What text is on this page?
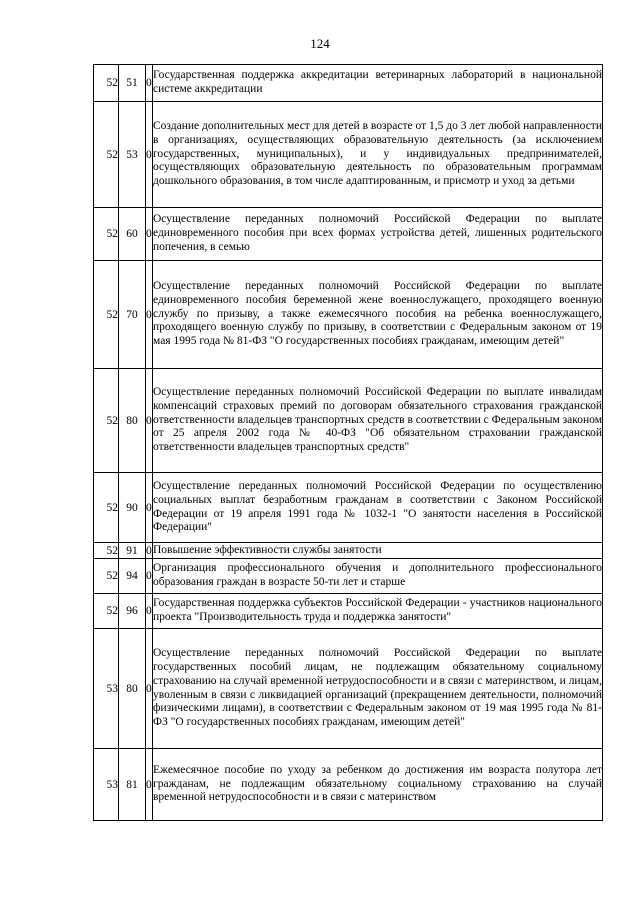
124
52	51	0	Государственная поддержка аккредитации ветеринарных лабораторий в национальной системе аккредитации
52	53	0	Создание дополнительных мест для детей в возрасте от 1,5 до 3 лет любой направленности в организациях, осуществляющих образовательную деятельность (за исключением государственных, муниципальных), и у индивидуальных предпринимателей, осуществляющих образовательную деятельность по образовательным программам дошкольного образования, в том числе адаптированным, и присмотр и уход за детьми
52	60	0	Осуществление переданных полномочий Российской Федерации по выплате единовременного пособия при всех формах устройства детей, лишенных родительского попечения, в семью
52	70	0	Осуществление переданных полномочий Российской Федерации по выплате единовременного пособия беременной жене военнослужащего, проходящего военную службу по призыву, а также ежемесячного пособия на ребенка военнослужащего, проходящего военную службу по призыву, в соответствии с Федеральным законом от 19 мая 1995 года № 81-ФЗ "О государственных пособиях гражданам, имеющим детей"
52	80	0	Осуществление переданных полномочий Российской Федерации по выплате инвалидам компенсаций страховых премий по договорам обязательного страхования гражданской ответственности владельцев транспортных средств в соответствии с Федеральным законом от 25 апреля 2002 года № 40-ФЗ "Об обязательном страховании гражданской ответственности владельцев транспортных средств"
52	90	0	Осуществление переданных полномочий Российской Федерации по осуществлению социальных выплат безработным гражданам в соответствии с Законом Российской Федерации от 19 апреля 1991 года № 1032-1 "О занятости населения в Российской Федерации"
52	91	0	Повышение эффективности службы занятости
52	94	0	Организация профессионального обучения и дополнительного профессионального образования граждан в возрасте 50-ти лет и старше
52	96	0	Государственная поддержка субъектов Российской Федерации - участников национального проекта "Производительность труда и поддержка занятости"
53	80	0	Осуществление переданных полномочий Российской Федерации по выплате государственных пособий лицам, не подлежащим обязательному социальному страхованию на случай временной нетрудоспособности и в связи с материнством, и лицам, уволенным в связи с ликвидацией организаций (прекращением деятельности, полномочий физическими лицами), в соответствии с Федеральным законом от 19 мая 1995 года № 81-ФЗ "О государственных пособиях гражданам, имеющим детей"
53	81	0	Ежемесячное пособие по уходу за ребенком до достижения им возраста полутора лет гражданам, не подлежащим обязательному социальному страхованию на случай временной нетрудоспособности и в связи с материнством
